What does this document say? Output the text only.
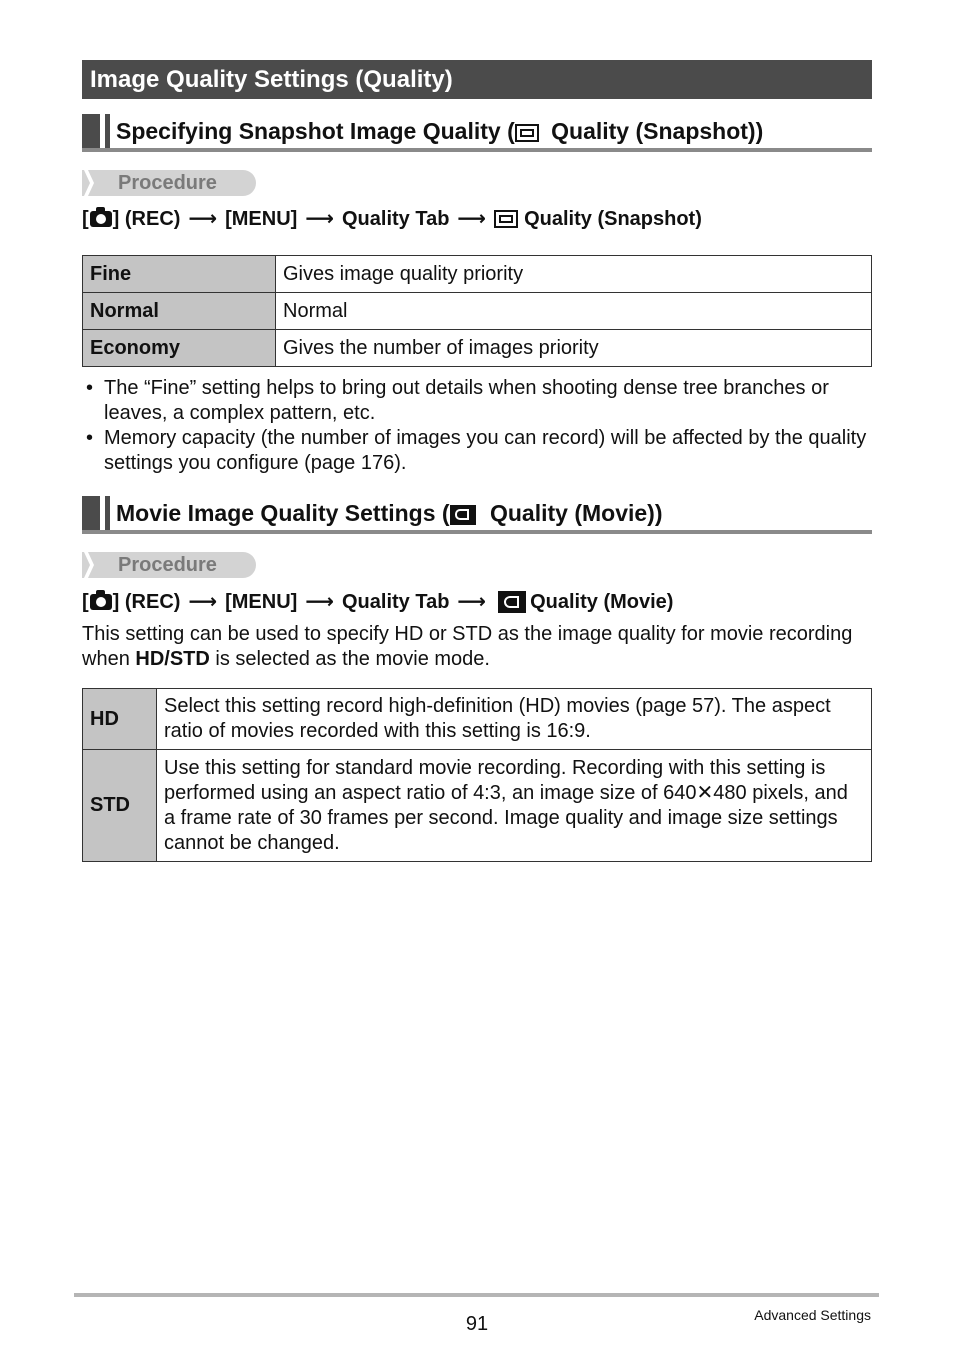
Image Quality Settings (Quality)
Specifying Snapshot Image Quality ( Quality (Snapshot))
Procedure
[ ] (REC) ⟶ [MENU] ⟶ Quality Tab ⟶ Quality (Snapshot)
Fine	Gives image quality priority
Normal	Normal
Economy	Gives the number of images priority
• The “Fine” setting helps to bring out details when shooting dense tree branches or leaves, a complex pattern, etc.
• Memory capacity (the number of images you can record) will be affected by the quality settings you configure (page 176).
Movie Image Quality Settings ( Quality (Movie))
Procedure
[ ] (REC) ⟶ [MENU] ⟶ Quality Tab ⟶ Quality (Movie)
This setting can be used to specify HD or STD as the image quality for movie recording when HD/STD is selected as the movie mode.
HD	Select this setting record high-definition (HD) movies (page 57). The aspect ratio of movies recorded with this setting is 16:9.
STD	Use this setting for standard movie recording. Recording with this setting is performed using an aspect ratio of 4:3, an image size of 640✕480 pixels, and a frame rate of 30 frames per second. Image quality and image size settings cannot be changed.
91	Advanced Settings
